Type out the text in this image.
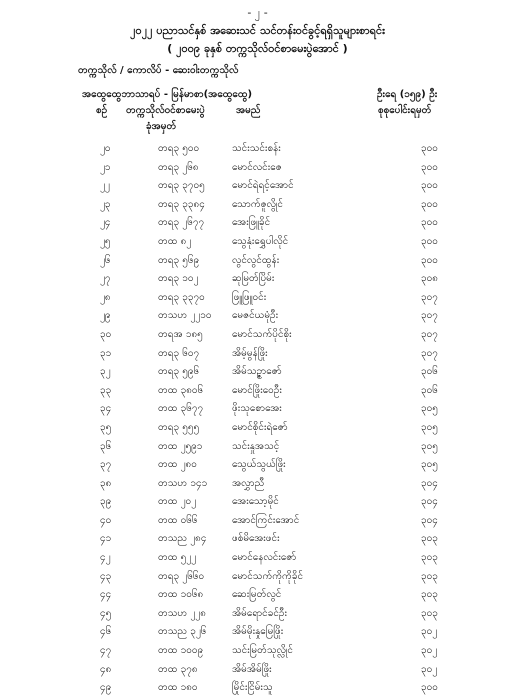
- ၂ -
၂၀၂၂ ပညာသင်နှစ် အဆေးသင် သင်တန်းဝင်ခွင့်ရရှိသူများစာရင်း
( ၂၀၀၉ ခုနှစ် တက္ကသိုလ်ဝင်စာမေးပွဲအောင် )
တက္ကသိုလ် / ကောလိပ် - ဆေးဝါးတက္ကသိုလ်
အထွေထွေဘာသာရပ် - မြန်မာစာ(အထွေထွေ)	ဦးရေ (၁၅၉) ဦး
စဉ် တက္ကသိုလ်ဝင်စာမေးပွဲ
ခုံအမှတ်
အမည်	စုစုပေါင်းရမှတ်
၂၀	တရ၃ ၅၀၀	သင်းသင်းစန်း	၃၀၀
၂၁	တရ၃ ၂၆၈	မောင်လင်းဇေ	၃၀၀
၂၂	တရ၃ ၃၇၀၅	မောင်ရဲရင့်အောင်	၃၀၀
၂၃	တရ၃ ၃၃၈၄	သောက်ဇူလွိုင်	၃၀၀
၂၄	တရ၃ ၂၆၇၇	အေးဖြူခိုင်	၃၀၀
၂၅	တထ ၈၂	သွေနုံးရွှေပါလိုင်	၃၀၀
၂၆	တရ၃ ၅၆၉	လွင်လွင်ထွန်း	၃၀၀
၂၇	တရ၃ ၁၀၂	ဆုမြတ်ပြိမ်း	၃၀၈
၂၈	တရ၃ ၃၃၇၀	ဖြူဖြူဝင်း	၃၀၇
၂၉	တသဟ ၂၂၁၀ မေဇင်ယမုံဦး	၃၀၇
၃၀	တရအ ၁၈၅	မောင်သက်ပိုင်စိုး	၃၀၇
၃၁	တရ၃ ၆၀၇	အိမ့်မွန်ဖြိုး	၃၀၇
၃၂	တရ၃ ၅၉၆	အိမ်သဉ္ဇာဇော်	၃၀၆
၃၃	တထ ၃၈၀၆	မောင်ဖြိုးဝေဦး	၃၀၆
၃၄	တထ ၃၆၇၇	ဖိုးသုစောအေး	၃၀၅
၃၅	တရ၃ ၅၅၅	မောင်စိုင်းရဲဇော်	၃၀၅
၃၆	တထ ၂၅၉၁	သင်းနှုအသင့်	၃၀၅
၃၇	တထ ၂၈၀	သွေယ်သွယ်ဖြိုး	၃၀၅
၃၈	တသဟ ၁၄၁ အလွှာညီ	၃၀၄
၃၉	တထ ၂၀၂	အေးသော့မိုင်	၃၀၄
၄၀	တထ ၀၆၆	အောင်ကြင်းအောင်	၃၀၄
၄၁	တသည ၂၈၄	ဖစ်မိအေးဖင်း	၃၀၃
၄၂	တထ ၅၂၂	မောင်နေလင်းဇော်	၃၀၃
၄၃	တရ၃ ၂၆၆၀	မောင်သက်ကိုကိုခိုင်	၃၀၃
၄၄	တထ ၁၀၆၈	ဆေးမြတ်လွင်	၃၀၃
၄၅	တသဟ ၂၂၈	အိမ်ရောင်ခင်ဦး	၃၀၃
၄၆	တသည ၃၂၆	အိမ်မိုးနှုမြေဖြိုး	၃၀၂
၄၇	တထ ၁၀၀၉	သင်းမြတ်သုလ္လိုင်	၃၀၂
၄၈	တထ ၃၇၈	အိမ်အိမ်ဖြိုး	၃၀၂
၄၉	တထ ၁၈၀	မြိုင်းငြိမ်းသူ	၃၀၀
